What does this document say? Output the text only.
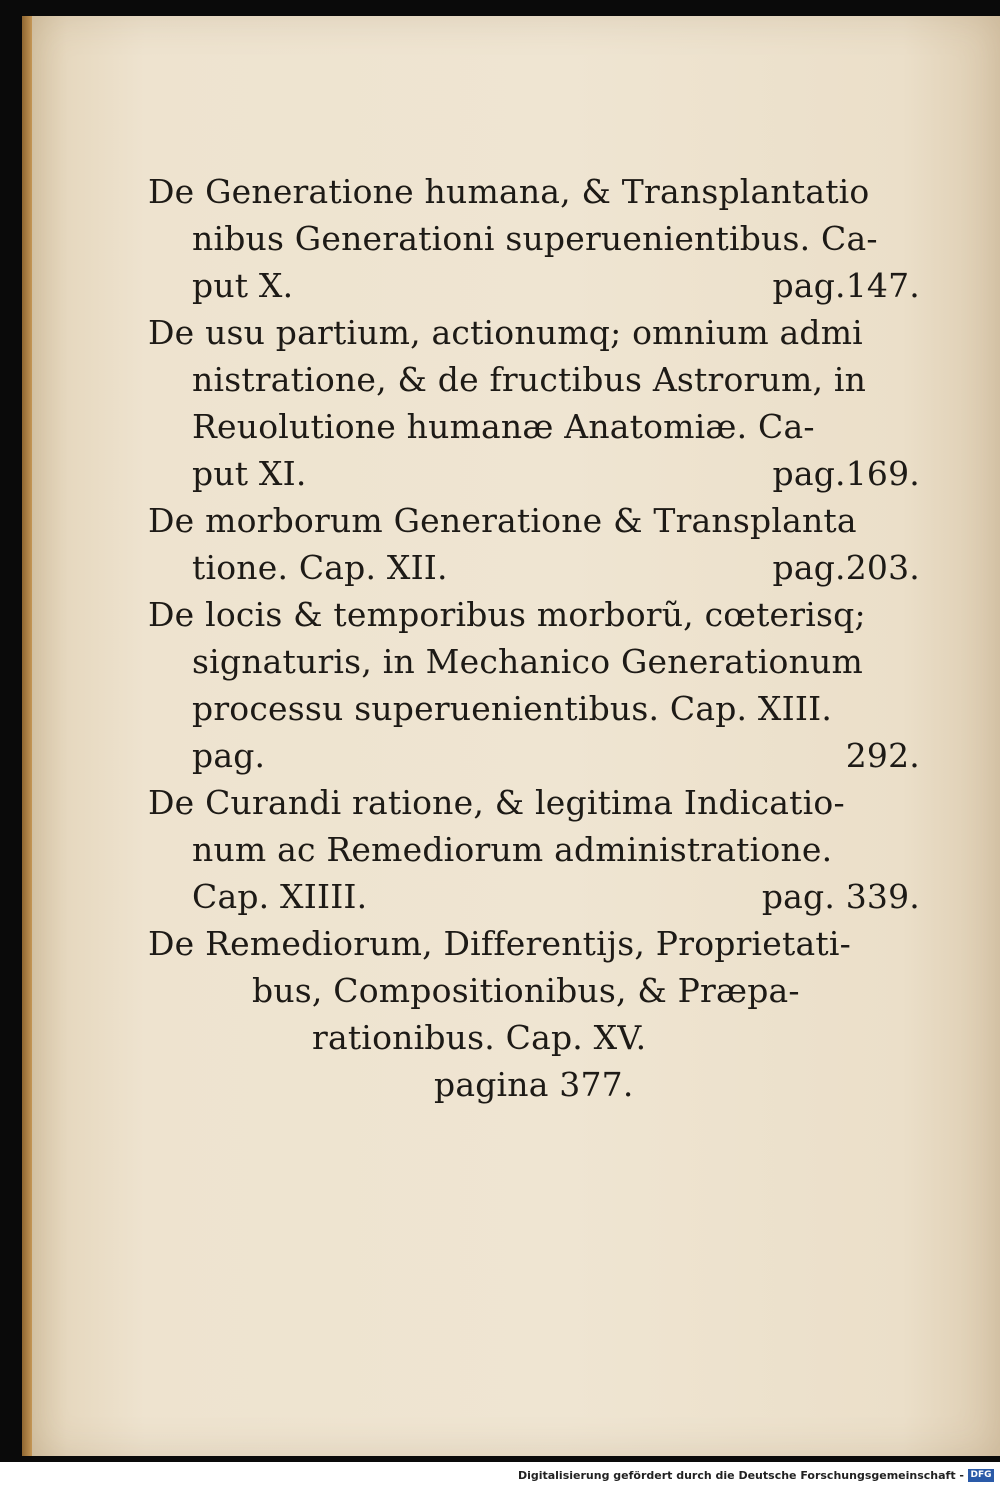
De Generatione humana, & Transplantatio
nibus Generationi superuenientibus. Ca-
put X.	pag.147.
De usu partium, actionumq; omnium admi
nistratione, & de fructibus Astrorum, in
Reuolutione humanæ Anatomiæ. Ca-
put XI.	pag.169.
De morborum Generatione & Transplanta
tione. Cap. XII.	pag.203.
De locis & temporibus morborũ, cœterisq;
signaturis, in Mechanico Generationum
processu superuenientibus. Cap. XIII.
pag.	292.
De Curandi ratione, & legitima Indicatio-
num ac Remediorum administratione.
Cap. XIIII.	pag. 339.
De Remediorum, Differentijs, Proprietati-
bus, Compositionibus, & Præpa-
rationibus. Cap. XV.
pagina 377.
Digitalisierung gefördert durch die Deutsche Forschungsgemeinschaft - DFG
